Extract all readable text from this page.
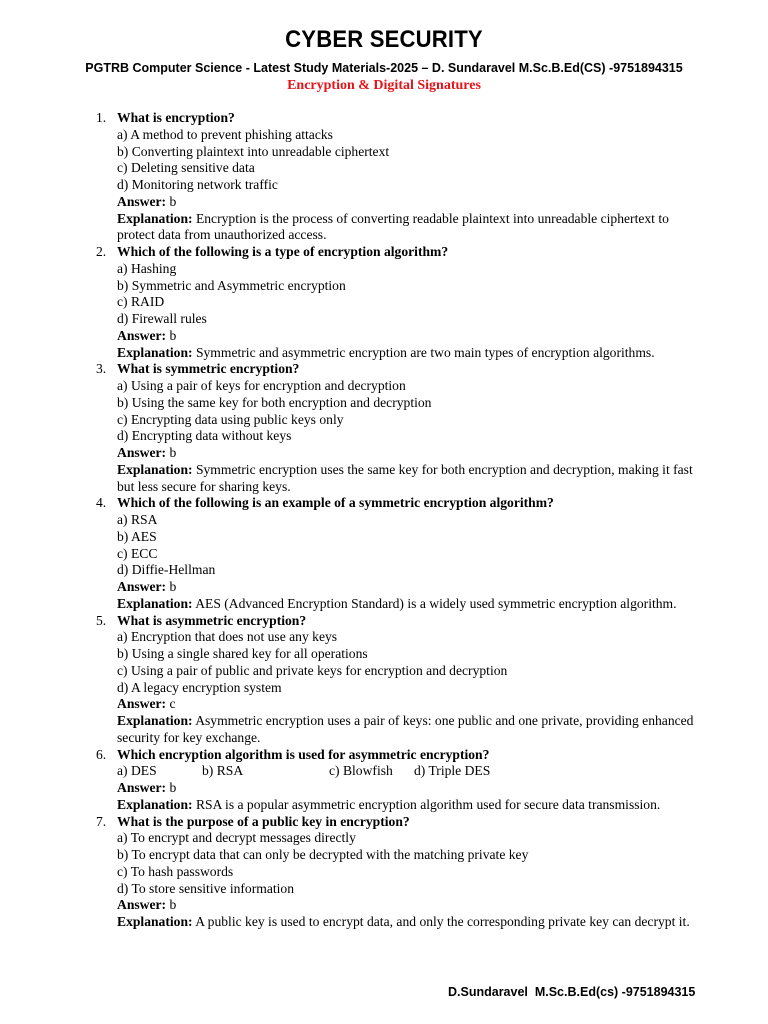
CYBER SECURITY
PGTRB Computer Science - Latest Study Materials-2025 – D. Sundaravel M.Sc.B.Ed(CS) -9751894315
Encryption & Digital Signatures
1. What is encryption?
a) A method to prevent phishing attacks
b) Converting plaintext into unreadable ciphertext
c) Deleting sensitive data
d) Monitoring network traffic
Answer: b
Explanation: Encryption is the process of converting readable plaintext into unreadable ciphertext to protect data from unauthorized access.
2. Which of the following is a type of encryption algorithm?
a) Hashing
b) Symmetric and Asymmetric encryption
c) RAID
d) Firewall rules
Answer: b
Explanation: Symmetric and asymmetric encryption are two main types of encryption algorithms.
3. What is symmetric encryption?
a) Using a pair of keys for encryption and decryption
b) Using the same key for both encryption and decryption
c) Encrypting data using public keys only
d) Encrypting data without keys
Answer: b
Explanation: Symmetric encryption uses the same key for both encryption and decryption, making it fast but less secure for sharing keys.
4. Which of the following is an example of a symmetric encryption algorithm?
a) RSA
b) AES
c) ECC
d) Diffie-Hellman
Answer: b
Explanation: AES (Advanced Encryption Standard) is a widely used symmetric encryption algorithm.
5. What is asymmetric encryption?
a) Encryption that does not use any keys
b) Using a single shared key for all operations
c) Using a pair of public and private keys for encryption and decryption
d) A legacy encryption system
Answer: c
Explanation: Asymmetric encryption uses a pair of keys: one public and one private, providing enhanced security for key exchange.
6. Which encryption algorithm is used for asymmetric encryption?
a) DES	b) RSA	c) Blowfish d) Triple DES
Answer: b
Explanation: RSA is a popular asymmetric encryption algorithm used for secure data transmission.
7. What is the purpose of a public key in encryption?
a) To encrypt and decrypt messages directly
b) To encrypt data that can only be decrypted with the matching private key
c) To hash passwords
d) To store sensitive information
Answer: b
Explanation: A public key is used to encrypt data, and only the corresponding private key can decrypt it.
D.Sundaravel  M.Sc.B.Ed(cs) -9751894315
